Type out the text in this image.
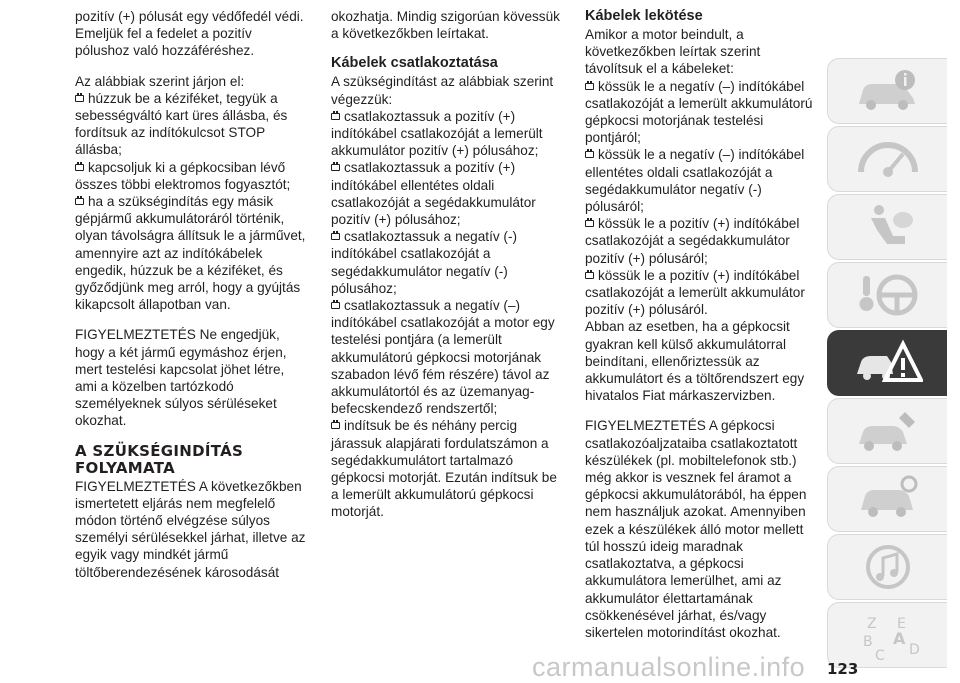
pozitív (+) pólusát egy védőfedél védi. Emeljük fel a fedelet a pozitív pólushoz való hozzáféréshez.

Az alábbiak szerint járjon el:

húzzuk be a kéziféket, tegyük a sebességváltó kart üres állásba, és fordítsuk az indítókulcsot STOP állásba;

kapcsoljuk ki a gépkocsiban lévő összes többi elektromos fogyasztót;

ha a szükségindítás egy másik gépjármű akkumulátoráról történik, olyan távolságra állítsuk le a járművet, amennyire azt az indítókábelek engedik, húzzuk be a kéziféket, és győződjünk meg arról, hogy a gyújtás kikapcsolt állapotban van.

FIGYELMEZTETÉS Ne engedjük, hogy a két jármű egymáshoz érjen, mert testelési kapcsolat jöhet létre, ami a közelben tartózkodó személyeknek súlyos sérüléseket okozhat.

A SZÜKSÉGINDÍTÁS FOLYAMATA

FIGYELMEZTETÉS A következőkben ismertetett eljárás nem megfelelő módon történő elvégzése súlyos személyi sérülésekkel járhat, illetve az egyik vagy mindkét jármű töltőberendezésének károsodását

okozhatja. Mindig szigorúan kövessük a következőkben leírtakat.

Kábelek csatlakoztatása

A szükségindítást az alábbiak szerint végezzük:

csatlakoztassuk a pozitív (+) indítókábel csatlakozóját a lemerült akkumulátor pozitív (+) pólusához;

csatlakoztassuk a pozitív (+) indítókábel ellentétes oldali csatlakozóját a segédakkumulátor pozitív (+) pólusához;

csatlakoztassuk a negatív (-) indítókábel csatlakozóját a segédakkumulátor negatív (-) pólusához;

csatlakoztassuk a negatív (–) indítókábel csatlakozóját a motor egy testelési pontjára (a lemerült akkumulátorú gépkocsi motorjának szabadon lévő fém részére) távol az akkumulátortól és az üzemanyag-befecskendező rendszertől;

indítsuk be és néhány percig járassuk alapjárati fordulatszámon a segédakkumulátort tartalmazó gépkocsi motorját. Ezután indítsuk be a lemerült akkumulátorú gépkocsi motorját.

Kábelek lekötése

Amikor a motor beindult, a következőkben leírtak szerint távolítsuk el a kábeleket:

kössük le a negatív (–) indítókábel csatlakozóját a lemerült akkumulátorú gépkocsi motorjának testelési pontjáról;

kössük le a negatív (–) indítókábel ellentétes oldali csatlakozóját a segédakkumulátor negatív (-) pólusáról;

kössük le a pozitív (+) indítókábel csatlakozóját a segédakkumulátor pozitív (+) pólusáról;

kössük le a pozitív (+) indítókábel csatlakozóját a lemerült akkumulátor pozitív (+) pólusáról.

Abban az esetben, ha a gépkocsit gyakran kell külső akkumulátorral beindítani, ellenőriztessük az akkumulátort és a töltőrendszert egy hivatalos Fiat márkaszervizben.

FIGYELMEZTETÉS A gépkocsi csatlakozóaljzataiba csatlakoztatott készülékek (pl. mobiltelefonok stb.) még akkor is vesznek fel áramot a gépkocsi akkumulátorából, ha éppen nem használjuk azokat. Amennyiben ezek a készülékek álló motor mellett túl hosszú ideig maradnak csatlakoztatva, a gépkocsi akkumulátora lemerülhet, ami az akkumulátor élettartamának csökkenésével járhat, és/vagy sikertelen motorindítást okozhat.

Z E
B A
C D
123
carmanualsonline.info
